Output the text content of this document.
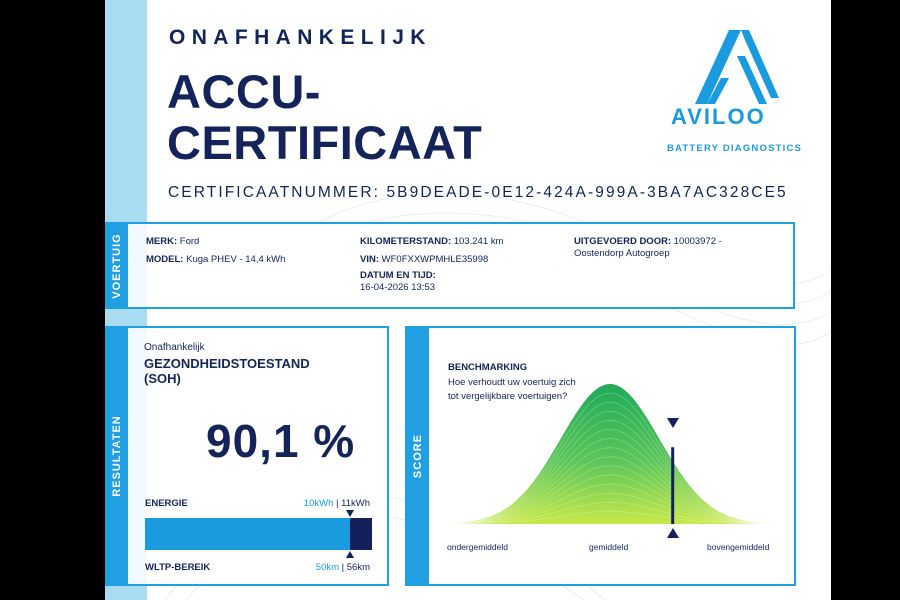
ONAFHANKELIJK
ACCU-
CERTIFICAAT
CERTIFICAATNUMMER: 5B9DEADE-0E12-424A-999A-3BA7AC328CE5
AVILOO
BATTERY DIAGNOSTICS
VOERTUIG MERK: Ford
MODEL: Kuga PHEV - 14,4 kWh
KILOMETERSTAND: 103.241 km
VIN: WF0FXXWPMHLE35998
DATUM EN TIJD:
16-04-2026 13:53
UITGEVOERD DOOR: 10003972 -
Oostendorp Autogroep
RESULTATEN
Onafhankelijk
GEZONDHEIDSTOESTAND
(SOH)
90,1 %
ENERGIE	10kWh | 11kWh
WLTP-BEREIK	50km | 56km
SCORE
BENCHMARKING
Hoe verhoudt uw voertuig zich tot vergelijkbare voertuigen?
ondergemiddeld	gemiddeld	bovengemiddeld
